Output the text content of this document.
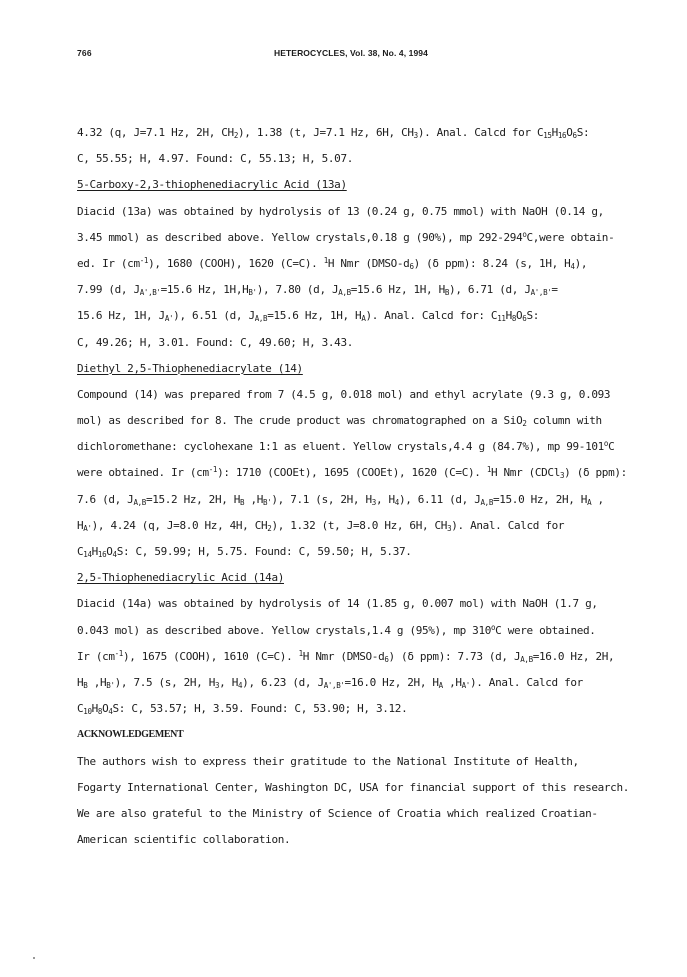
766	HETEROCYCLES, Vol. 38, No. 4, 1994
4.32 (q, J=7.1 Hz, 2H, $CH_2$), 1.38 (t, J=7.1 Hz, 6H, $CH_3$). Anal. Calcd for $C_{15}H_{16}O_6S$:
C, 55.55; H, 4.97. Found: C, 55.13; H, 5.07.
5-Carboxy-2,3-thiophenediacrylic Acid (13a)
Diacid (13a) was obtained by hydrolysis of 13 (0.24 g, 0.75 mmol) with NaOH (0.14 g,
3.45 mmol) as described above. Yellow crystals,0.18 g (90%), mp 292-294$^o$C,were obtain-
ed. Ir $(cm^{-1})$, 1680 (COOH), 1620 (C=C). $^1$H Nmr $(DMSO-d_6)$ (δ ppm): 8.24 (s, 1H, $H_4$),
7.99 (d, $J_{A',B'}=15.6$ Hz, $1H,H_{B'}$), 7.80 (d, $J_{A,B}=15.6$ Hz, 1H, $H_B$), 6.71 (d, $J_{A',B'}=$
15.6 Hz, 1H, $J_{A'}$), 6.51 (d, $J_{A,B}=15.6$ Hz, 1H, $H_A$). Anal. Calcd for: $C_{11}H_8O_6S$:
C, 49.26; H, 3.01. Found: C, 49.60; H, 3.43.
Diethyl 2,5-Thiophenediacrylate (14)
Compound (14) was prepared from 7 (4.5 g, 0.018 mol) and ethyl acrylate (9.3 g, 0.093
mol) as described for 8. The crude product was chromatographed on a SiO$_2$ column with
dichloromethane: cyclohexane 1:1 as eluent. Yellow crystals,4.4 g (84.7%), mp 99-101$^o$C
were obtained. Ir $(cm^{-1})$: 1710 (COOEt), 1695 (COOEt), 1620 (C=C). $^1$H Nmr (CDCl$_3$) (δ ppm):
7.6 (d, $J_{A,B}=15.2$ Hz, 2H, $H_B$ $,H_{B'}$), 7.1 (s, 2H, $H_3$, $H_4$), 6.11 (d, $J_{A,B}=15.0$ Hz, 2H, $H_A$ ,
$H_{A'}$), 4.24 (q, J=8.0 Hz, 4H, $CH_2$), 1.32 (t, J=8.0 Hz, 6H, $CH_3$). Anal. Calcd for
$C_{14}H_{16}O_4S$: C, 59.99; H, 5.75. Found: C, 59.50; H, 5.37.
2,5-Thiophenediacrylic Acid (14a)
Diacid (14a) was obtained by hydrolysis of 14 (1.85 g, 0.007 mol) with NaOH (1.7 g,
0.043 mol) as described above. Yellow crystals,1.4 g (95%), mp 310$^o$C were obtained.
Ir $(cm^{-1})$, 1675 (COOH), 1610 (C=C). $^1$H Nmr $(DMSO-d_6)$ (δ ppm): 7.73 (d, $J_{A,B}=16.0$ Hz, 2H,
$H_B$ $,H_{B'}$), 7.5 (s, 2H, $H_3$, $H_4$), 6.23 (d, $J_{A',B'}=16.0$ Hz, 2H, $H_A$ $,H_{A'}$). Anal. Calcd for
$C_{10}H_8O_4S$: C, 53.57; H, 3.59. Found: C, 53.90; H, 3.12.
ACKNOWLEDGEMENT
The authors wish to express their gratitude to the National Institute of Health,
Fogarty International Center, Washington DC, USA for financial support of this research.
We are also grateful to the Ministry of Science of Croatia which realized Croatian-
American scientific collaboration.
